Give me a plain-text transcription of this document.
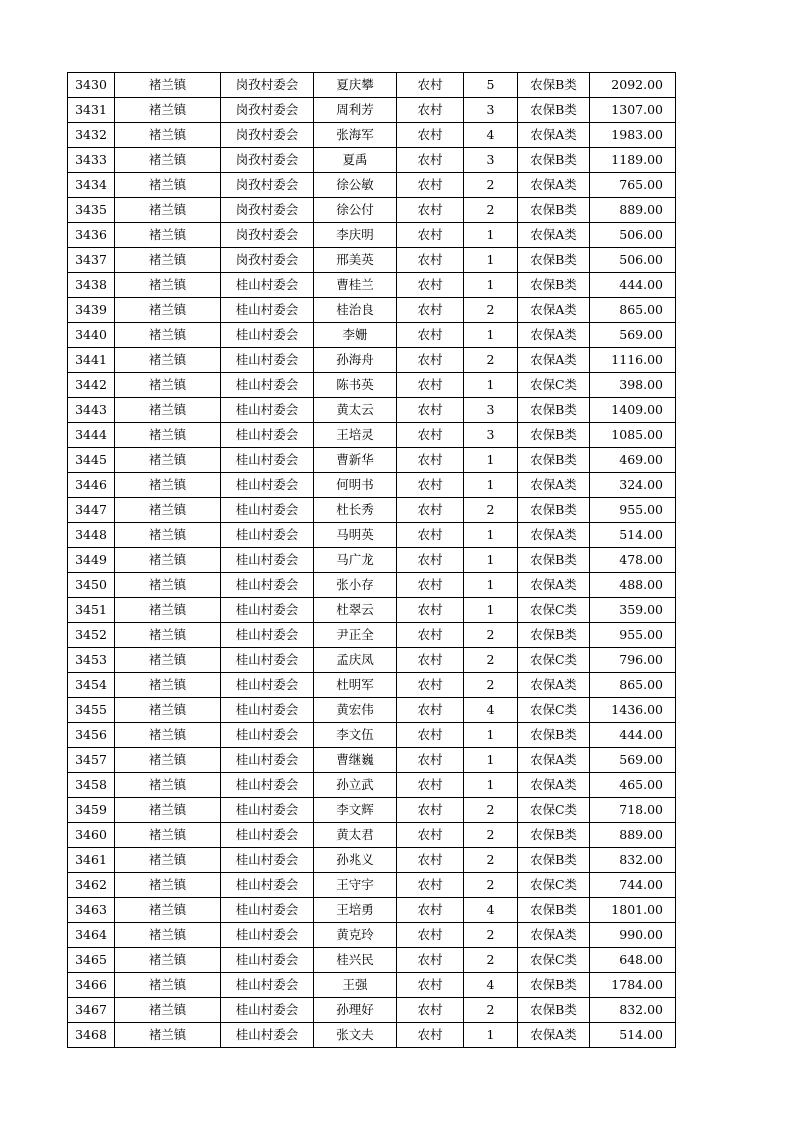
3430	褚兰镇	岗孜村委会	夏庆攀	农村	5	农保B类	2092.00
3431	褚兰镇	岗孜村委会	周利芳	农村	3	农保B类	1307.00
3432	褚兰镇	岗孜村委会	张海军	农村	4	农保A类	1983.00
3433	褚兰镇	岗孜村委会	夏禹	农村	3	农保B类	1189.00
3434	褚兰镇	岗孜村委会	徐公敏	农村	2	农保A类	765.00
3435	褚兰镇	岗孜村委会	徐公付	农村	2	农保B类	889.00
3436	褚兰镇	岗孜村委会	李庆明	农村	1	农保A类	506.00
3437	褚兰镇	岗孜村委会	邢美英	农村	1	农保B类	506.00
3438	褚兰镇	桂山村委会	曹桂兰	农村	1	农保B类	444.00
3439	褚兰镇	桂山村委会	桂治良	农村	2	农保A类	865.00
3440	褚兰镇	桂山村委会	李姗	农村	1	农保A类	569.00
3441	褚兰镇	桂山村委会	孙海舟	农村	2	农保A类	1116.00
3442	褚兰镇	桂山村委会	陈书英	农村	1	农保C类	398.00
3443	褚兰镇	桂山村委会	黄太云	农村	3	农保B类	1409.00
3444	褚兰镇	桂山村委会	王培灵	农村	3	农保B类	1085.00
3445	褚兰镇	桂山村委会	曹新华	农村	1	农保B类	469.00
3446	褚兰镇	桂山村委会	何明书	农村	1	农保A类	324.00
3447	褚兰镇	桂山村委会	杜长秀	农村	2	农保B类	955.00
3448	褚兰镇	桂山村委会	马明英	农村	1	农保A类	514.00
3449	褚兰镇	桂山村委会	马广龙	农村	1	农保B类	478.00
3450	褚兰镇	桂山村委会	张小存	农村	1	农保A类	488.00
3451	褚兰镇	桂山村委会	杜翠云	农村	1	农保C类	359.00
3452	褚兰镇	桂山村委会	尹正全	农村	2	农保B类	955.00
3453	褚兰镇	桂山村委会	孟庆凤	农村	2	农保C类	796.00
3454	褚兰镇	桂山村委会	杜明军	农村	2	农保A类	865.00
3455	褚兰镇	桂山村委会	黄宏伟	农村	4	农保C类	1436.00
3456	褚兰镇	桂山村委会	李文伍	农村	1	农保B类	444.00
3457	褚兰镇	桂山村委会	曹继巍	农村	1	农保A类	569.00
3458	褚兰镇	桂山村委会	孙立武	农村	1	农保A类	465.00
3459	褚兰镇	桂山村委会	李文辉	农村	2	农保C类	718.00
3460	褚兰镇	桂山村委会	黄太君	农村	2	农保B类	889.00
3461	褚兰镇	桂山村委会	孙兆义	农村	2	农保B类	832.00
3462	褚兰镇	桂山村委会	王守宇	农村	2	农保C类	744.00
3463	褚兰镇	桂山村委会	王培勇	农村	4	农保B类	1801.00
3464	褚兰镇	桂山村委会	黄克玲	农村	2	农保A类	990.00
3465	褚兰镇	桂山村委会	桂兴民	农村	2	农保C类	648.00
3466	褚兰镇	桂山村委会	王强	农村	4	农保B类	1784.00
3467	褚兰镇	桂山村委会	孙理好	农村	2	农保B类	832.00
3468	褚兰镇	桂山村委会	张文夫	农村	1	农保A类	514.00
